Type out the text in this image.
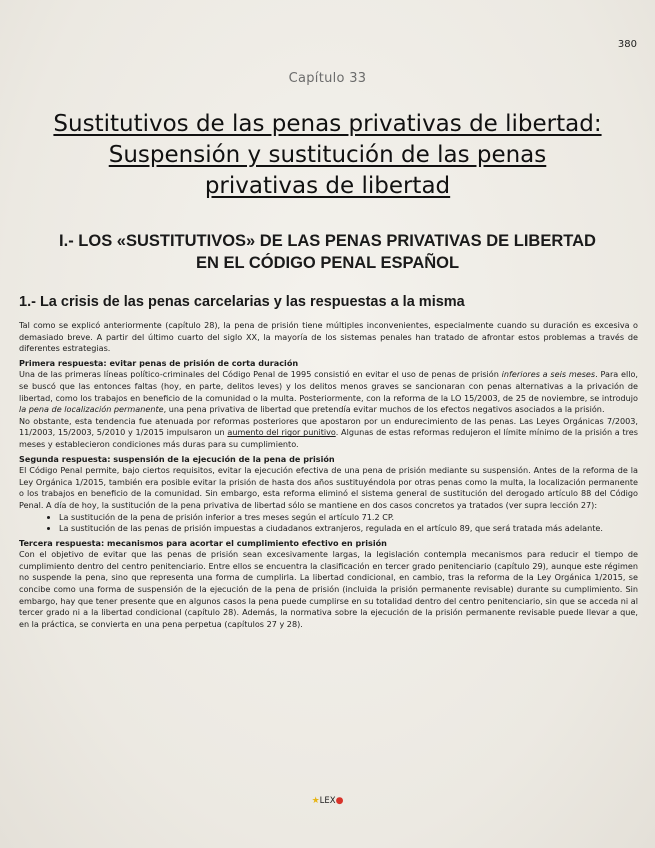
380
Capítulo 33
Sustitutivos de las penas privativas de libertad:
Suspensión y sustitución de las penas
privativas de libertad
I.- LOS «SUSTITUTIVOS» DE LAS PENAS PRIVATIVAS DE LIBERTAD
EN EL CÓDIGO PENAL ESPAÑOL
1.- La crisis de las penas carcelarias y las respuestas a la misma

Tal como se explicó anteriormente (capítulo 28), la pena de prisión tiene múltiples inconvenientes, especialmente cuando su duración es excesiva o demasiado breve. A partir del último cuarto del siglo XX, la mayoría de los sistemas penales han tratado de afrontar estos problemas a través de diferentes estrategias.

Primera respuesta: evitar penas de prisión de corta duración

Una de las primeras líneas político-criminales del Código Penal de 1995 consistió en evitar el uso de penas de prisión inferiores a seis meses. Para ello, se buscó que las entonces faltas (hoy, en parte, delitos leves) y los delitos menos graves se sancionaran con penas alternativas a la privación de libertad, como los trabajos en beneficio de la comunidad o la multa. Posteriormente, con la reforma de la LO 15/2003, de 25 de noviembre, se introdujo la pena de localización permanente, una pena privativa de libertad que pretendía evitar muchos de los efectos negativos asociados a la prisión.

No obstante, esta tendencia fue atenuada por reformas posteriores que apostaron por un endurecimiento de las penas. Las Leyes Orgánicas 7/2003, 11/2003, 15/2003, 5/2010 y 1/2015 impulsaron un aumento del rigor punitivo. Algunas de estas reformas redujeron el límite mínimo de la prisión a tres meses y establecieron condiciones más duras para su cumplimiento.

Segunda respuesta: suspensión de la ejecución de la pena de prisión

El Código Penal permite, bajo ciertos requisitos, evitar la ejecución efectiva de una pena de prisión mediante su suspensión. Antes de la reforma de la Ley Orgánica 1/2015, también era posible evitar la prisión de hasta dos años sustituyéndola por otras penas como la multa, la localización permanente o los trabajos en beneficio de la comunidad. Sin embargo, esta reforma eliminó el sistema general de sustitución del derogado artículo 88 del Código Penal. A día de hoy, la sustitución de la pena privativa de libertad sólo se mantiene en dos casos concretos ya tratados (ver supra lección 27):

• La sustitución de la pena de prisión inferior a tres meses según el artículo 71.2 CP.
• La sustitución de las penas de prisión impuestas a ciudadanos extranjeros, regulada en el artículo 89, que será tratada más adelante.

Tercera respuesta: mecanismos para acortar el cumplimiento efectivo en prisión

Con el objetivo de evitar que las penas de prisión sean excesivamente largas, la legislación contempla mecanismos para reducir el tiempo de cumplimiento dentro del centro penitenciario. Entre ellos se encuentra la clasificación en tercer grado penitenciario (capítulo 29), aunque este régimen no suspende la pena, sino que representa una forma de cumplirla. La libertad condicional, en cambio, tras la reforma de la Ley Orgánica 1/2015, se concibe como una forma de suspensión de la ejecución de la pena de prisión (incluida la prisión permanente revisable) durante su cumplimiento. Sin embargo, hay que tener presente que en algunos casos la pena puede cumplirse en su totalidad dentro del centro penitenciario, sin que se acceda ni al tercer grado ni a la libertad condicional (capítulo 28). Además, la normativa sobre la ejecución de la prisión permanente revisable puede llevar a que, en la práctica, se convierta en una pena perpetua (capítulos 27 y 28).

★LEX●
